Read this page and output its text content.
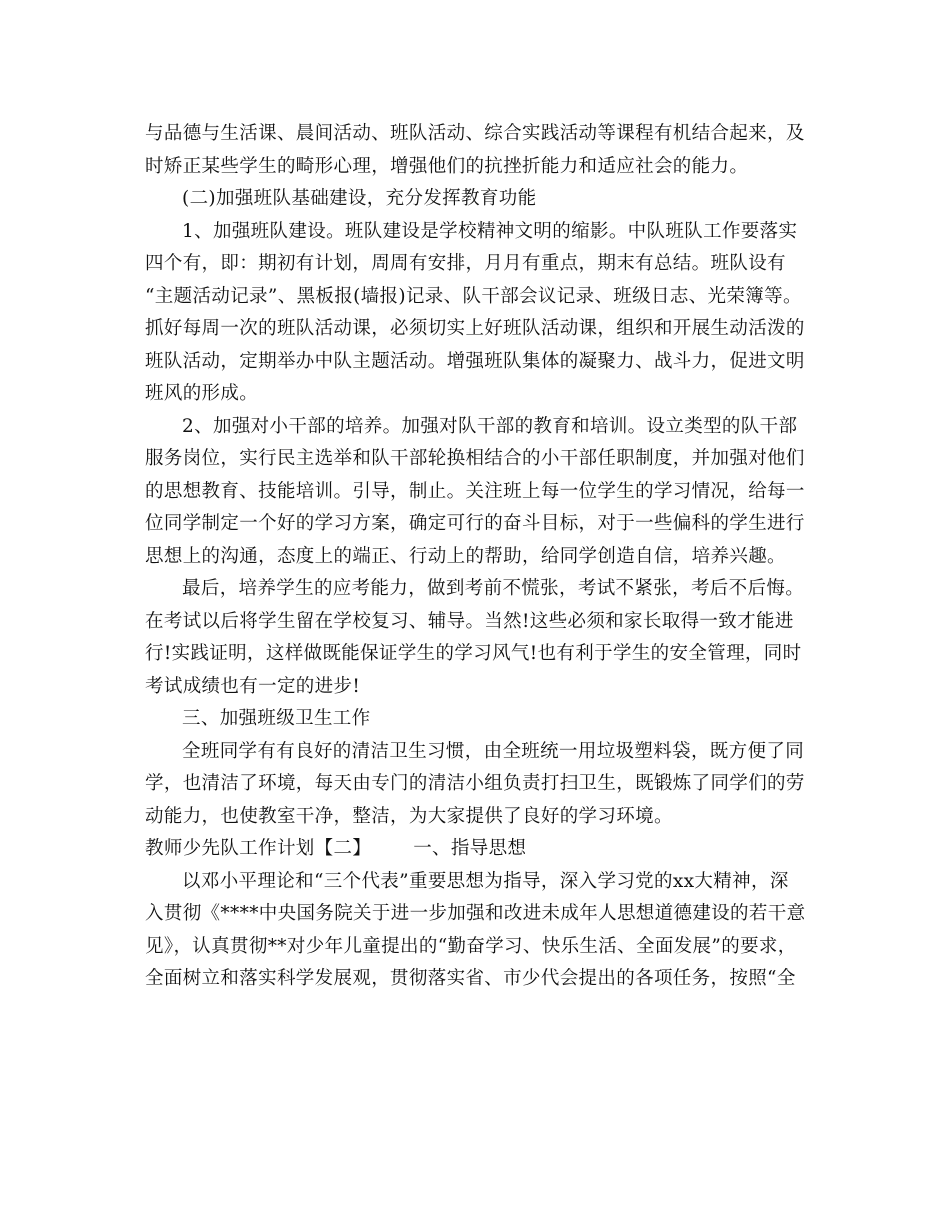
与品德与生活课、晨间活动、班队活动、综合实践活动等课程有机结合起来，及
时矫正某些学生的畸形心理，增强他们的抗挫折能力和适应社会的能力。
(二)加强班队基础建设，充分发挥教育功能
1、加强班队建设。班队建设是学校精神文明的缩影。中队班队工作要落实
四个有，即：期初有计划，周周有安排，月月有重点，期末有总结。班队设有
“主题活动记录”、黑板报(墙报)记录、队干部会议记录、班级日志、光荣簿等。
抓好每周一次的班队活动课，必须切实上好班队活动课，组织和开展生动活泼的
班队活动，定期举办中队主题活动。增强班队集体的凝聚力、战斗力，促进文明
班风的形成。
2、加强对小干部的培养。加强对队干部的教育和培训。设立类型的队干部
服务岗位，实行民主选举和队干部轮换相结合的小干部任职制度，并加强对他们
的思想教育、技能培训。引导，制止。关注班上每一位学生的学习情况，给每一
位同学制定一个好的学习方案，确定可行的奋斗目标，对于一些偏科的学生进行
思想上的沟通，态度上的端正、行动上的帮助，给同学创造自信，培养兴趣。
最后，培养学生的应考能力，做到考前不慌张，考试不紧张，考后不后悔。
在考试以后将学生留在学校复习、辅导。当然!这些必须和家长取得一致才能进
行!实践证明，这样做既能保证学生的学习风气!也有利于学生的安全管理，同时
考试成绩也有一定的进步!
三、加强班级卫生工作
全班同学有有良好的清洁卫生习惯，由全班统一用垃圾塑料袋，既方便了同
学，也清洁了环境，每天由专门的清洁小组负责打扫卫生，既锻炼了同学们的劳
动能力，也使教室干净，整洁，为大家提供了良好的学习环境。
教师少先队工作计划【二】 一、指导思想
以邓小平理论和“三个代表”重要思想为指导，深入学习党的xx大精神，深
入贯彻《****中央国务院关于进一步加强和改进未成年人思想道德建设的若干意
见》，认真贯彻**对少年儿童提出的“勤奋学习、快乐生活、全面发展”的要求，
全面树立和落实科学发展观，贯彻落实省、市少代会提出的各项任务，按照“全
